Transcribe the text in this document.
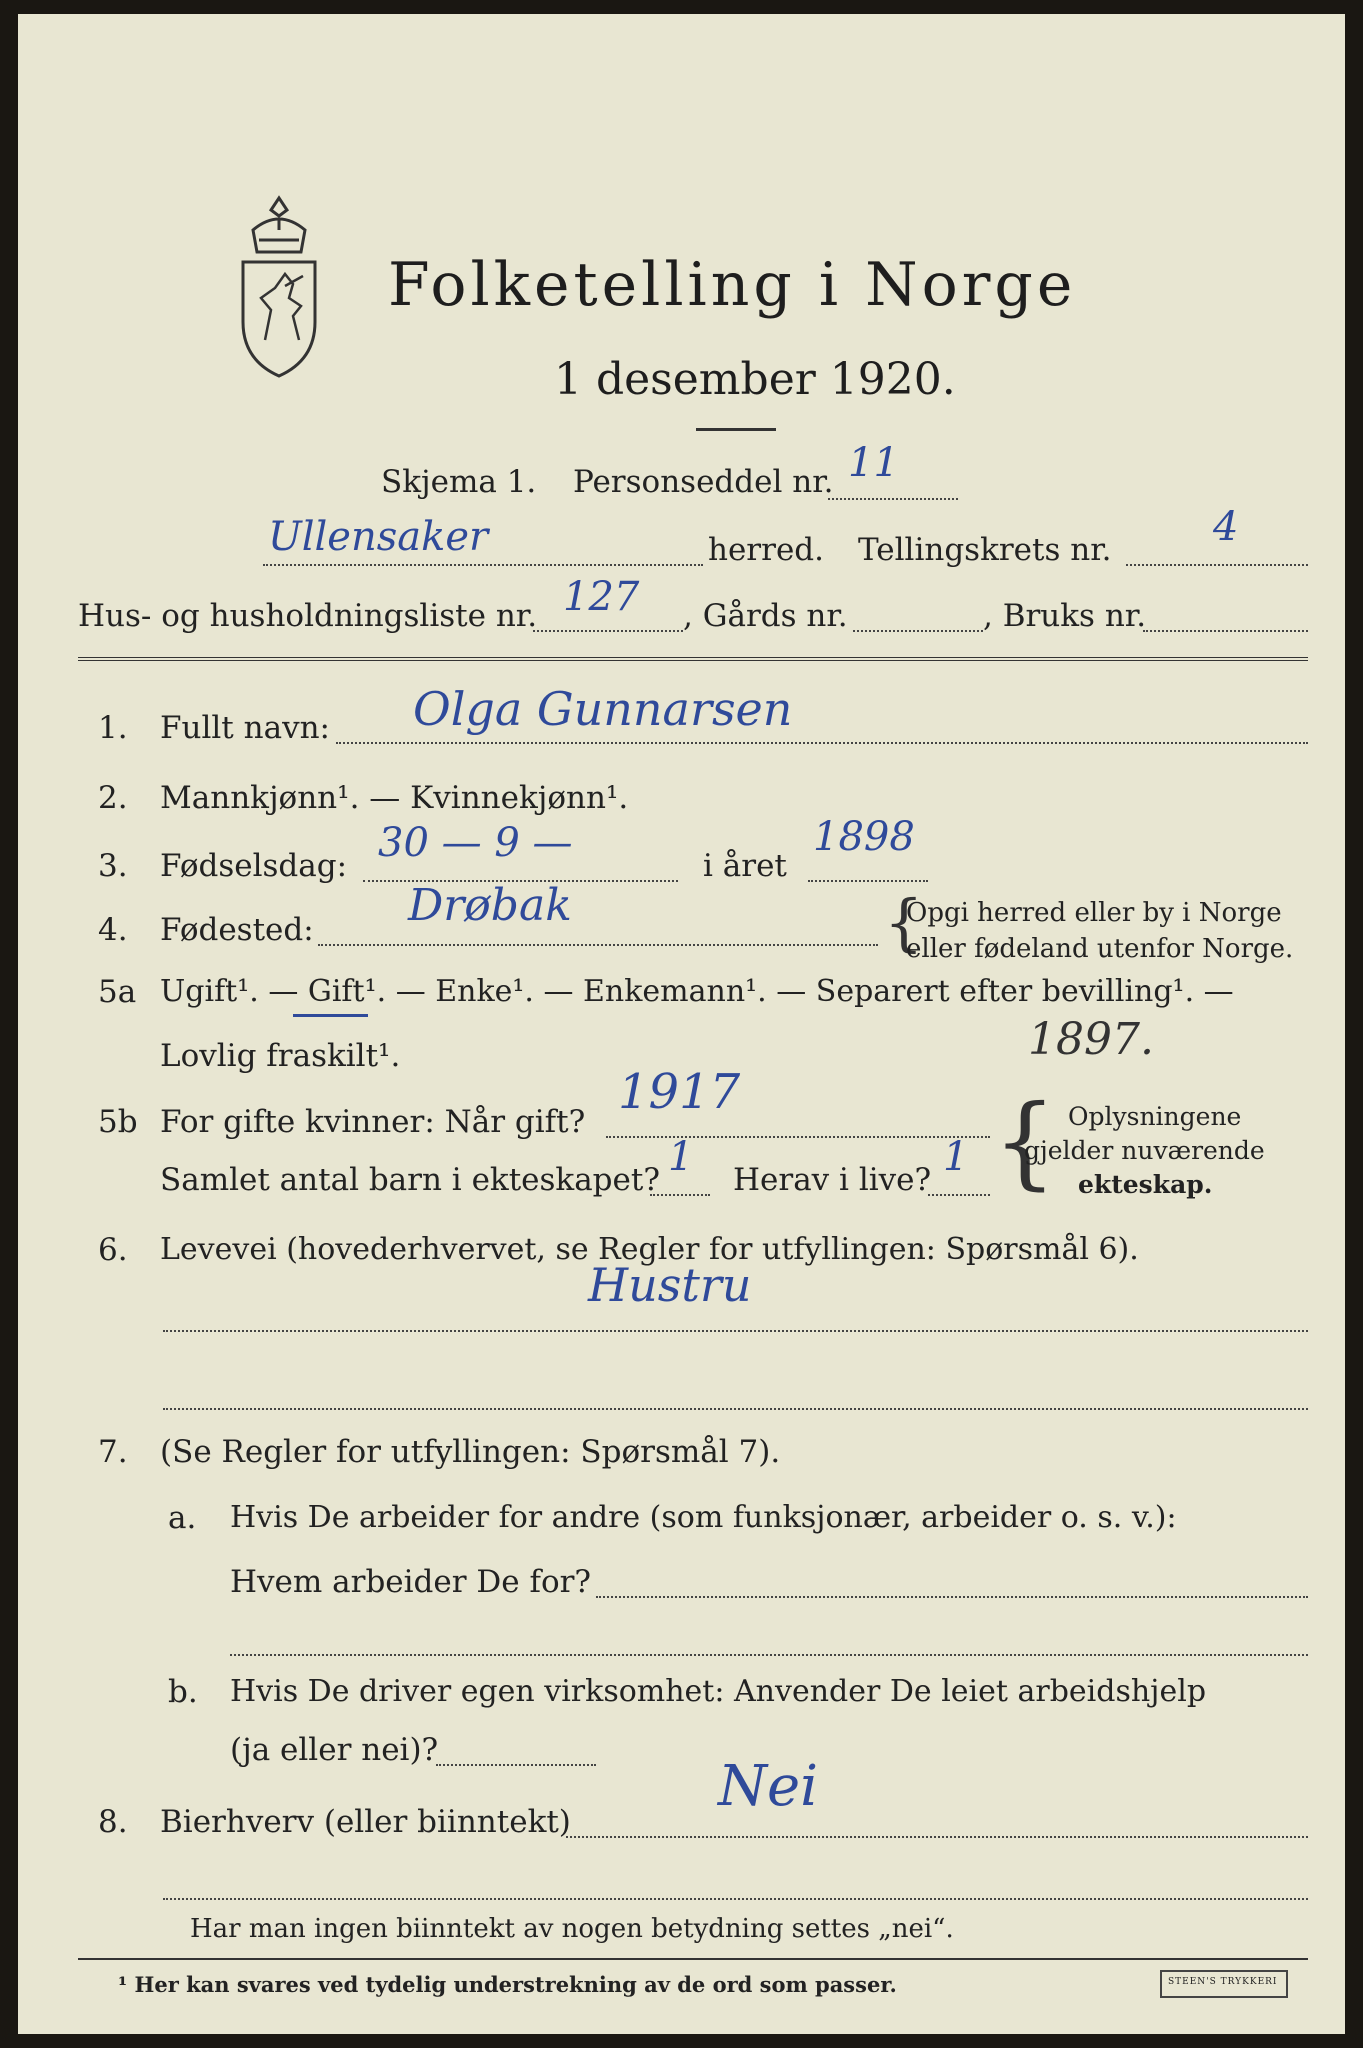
Folketelling i Norge
1 desember 1920.
Skjema 1. Personseddel nr. 11
Ullensaker	herred. Tellingskrets nr.	4
Hus- og husholdningsliste nr. 127 , Gårds nr.	, Bruks nr.
1. Fullt navn: Olga Gunnarsen
2. Mannkjønn¹. — Kvinnekjønn¹.
3. Fødselsdag: 30 — 9 —	i året
1898
4. Fødested: Drøbak	{
Opgi herred eller by i Norge
eller fødeland utenfor Norge.
5a Ugift¹. — Gift¹. — Enke¹. — Enkemann¹. — Separert efter bevilling¹. —
Lovlig fraskilt¹.	1897.
5b For gifte kvinner: Når gift?
1917
Samlet antal barn i ekteskapet? 1 Herav i live? 1 { Oplysningene
gjelder nuværende
ekteskap.
6. Levevei (hovederhvervet, se Regler for utfyllingen: Spørsmål 6).
Hustru
7. (Se Regler for utfyllingen: Spørsmål 7).
a. Hvis De arbeider for andre (som funksjonær, arbeider o. s. v.):
Hvem arbeider De for?
b. Hvis De driver egen virksomhet: Anvender De leiet arbeidshjelp
(ja eller nei)?
8. Bierhverv (eller biinntekt)
Nei
Har man ingen biinntekt av nogen betydning settes „nei“.
¹ Her kan svares ved tydelig understrekning av de ord som passer.	STEEN'S TRYKKERI
